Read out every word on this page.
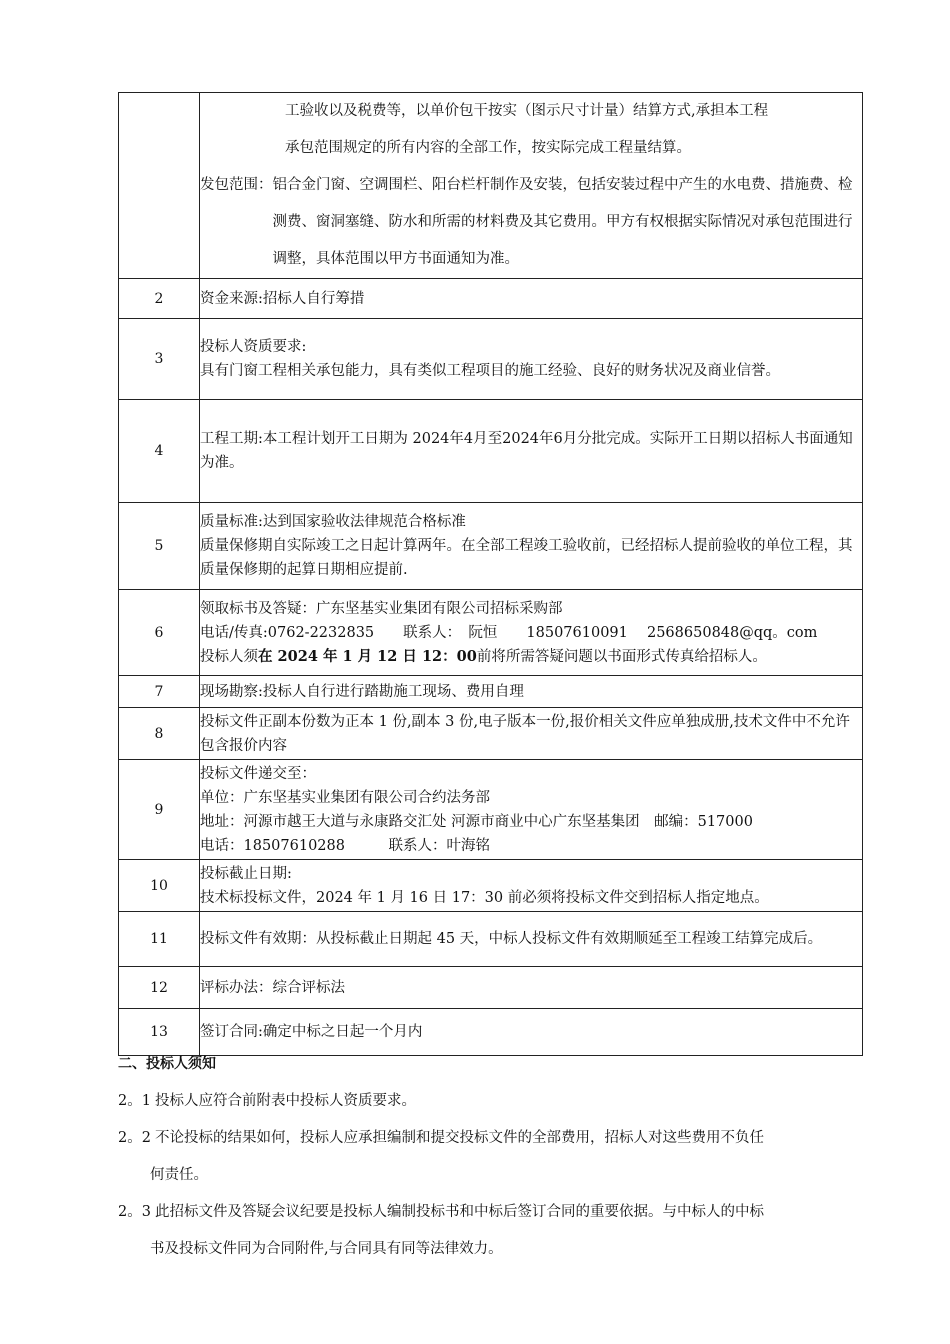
	工验收以及税费等，以单价包干按实（图示尺寸计量）结算方式,承担本工程
承包范围规定的所有内容的全部工作，按实际完成工程量结算。
发包范围： 铝合金门窗、空调围栏、阳台栏杆制作及安装，包括安装过程中产生的水电费、措施费、检测费、窗洞塞缝、防水和所需的材料费及其它费用。甲方有权根据实际情况对承包范围进行调整，具体范围以甲方书面通知为准。

2	资金来源:招标人自行筹措
3	投标人资质要求:
具有门窗工程相关承包能力，具有类似工程项目的施工经验、良好的财务状况及商业信誉。

4	工程工期:本工程计划开工日期为 2024年4月至2024年6月分批完成。实际开工日期以招标人书面通知为准。
5	质量标准:达到国家验收法律规范合格标准
质量保修期自实际竣工之日起计算两年。在全部工程竣工验收前，已经招标人提前验收的单位工程，其质量保修期的起算日期相应提前.

6	领取标书及答疑：广东坚基实业集团有限公司招标采购部
电话/传真:0762-2232835　　联系人：　阮恒　　18507610091　 2568650848@qq。com
投标人须在 2024 年 1 月 12 日 12：00前将所需答疑问题以书面形式传真给招标人。

7	现场勘察:投标人自行进行踏勘施工现场、费用自理
8	投标文件正副本份数为正本 1 份,副本 3 份,电子版本一份,报价相关文件应单独成册,技术文件中不允许包含报价内容
9	投标文件递交至：
单位：广东坚基实业集团有限公司合约法务部
地址：河源市越王大道与永康路交汇处 河源市商业中心广东坚基集团　邮编：517000
电话：18507610288　　　联系人：叶海铭

10	投标截止日期:
技术标投标文件，2024 年 1 月 16 日 17：30 前必须将投标文件交到招标人指定地点。

11	投标文件有效期：从投标截止日期起 45 天，中标人投标文件有效期顺延至工程竣工结算完成后。
12	评标办法：综合评标法
13	签订合同:确定中标之日起一个月内
二、投标人须知
2。1 投标人应符合前附表中投标人资质要求。
2。2 不论投标的结果如何，投标人应承担编制和提交投标文件的全部费用，招标人对这些费用不负任
何责任。
2。3 此招标文件及答疑会议纪要是投标人编制投标书和中标后签订合同的重要依据。与中标人的中标
书及投标文件同为合同附件,与合同具有同等法律效力。
